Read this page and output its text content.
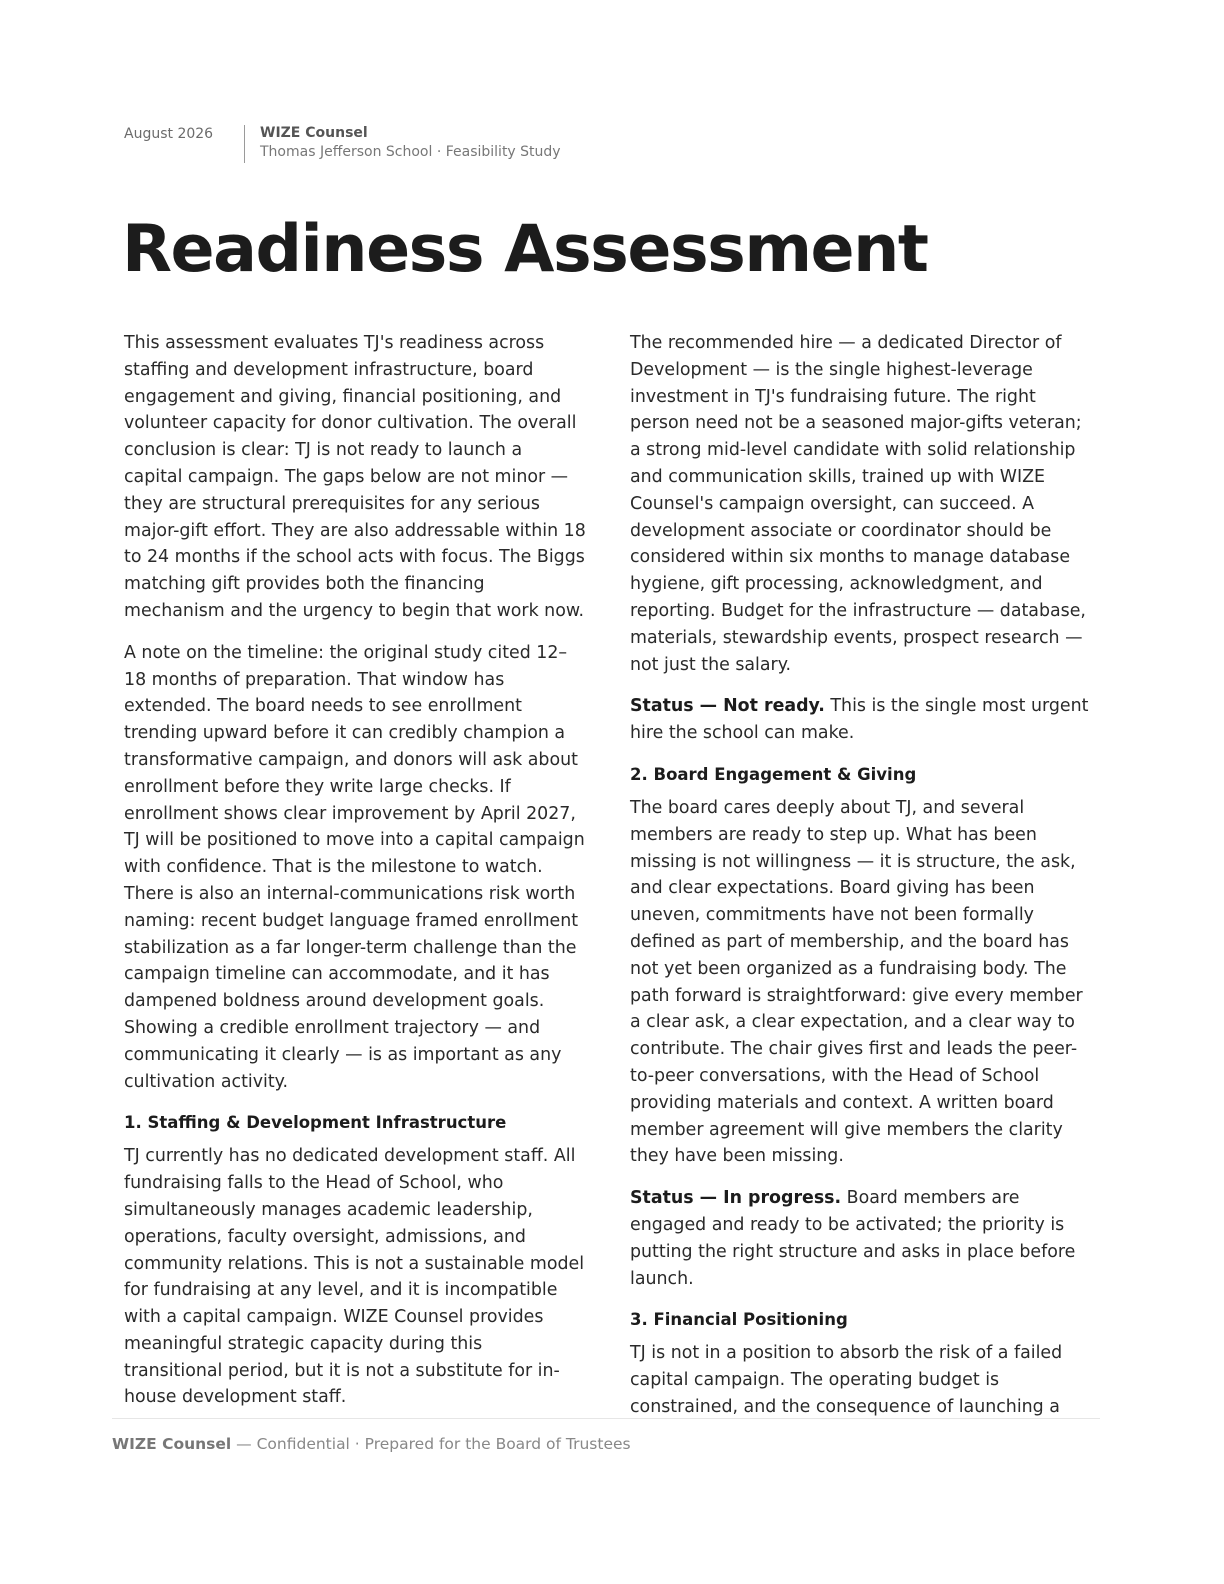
August 2026	WIZE Counsel
Thomas Jefferson School · Feasibility Study
Readiness Assessment

This assessment evaluates TJ's readiness across staffing and development infrastructure, board engagement and giving, financial positioning, and volunteer capacity for donor cultivation. The overall conclusion is clear: TJ is not ready to launch a capital campaign. The gaps below are not minor — they are structural prerequisites for any serious major-gift effort. They are also addressable within 18 to 24 months if the school acts with focus. The Biggs matching gift provides both the financing mechanism and the urgency to begin that work now.

A note on the timeline: the original study cited 12–18 months of preparation. That window has extended. The board needs to see enrollment trending upward before it can credibly champion a transformative campaign, and donors will ask about enrollment before they write large checks. If enrollment shows clear improvement by April 2027, TJ will be positioned to move into a capital campaign with confidence. That is the milestone to watch. There is also an internal-communications risk worth naming: recent budget language framed enrollment stabilization as a far longer-term challenge than the campaign timeline can accommodate, and it has dampened boldness around development goals. Showing a credible enrollment trajectory — and communicating it clearly — is as important as any cultivation activity.

1. Staffing & Development Infrastructure

TJ currently has no dedicated development staff. All fundraising falls to the Head of School, who simultaneously manages academic leadership, operations, faculty oversight, admissions, and community relations. This is not a sustainable model for fundraising at any level, and it is incompatible with a capital campaign. WIZE Counsel provides meaningful strategic capacity during this transitional period, but it is not a substitute for in-house development staff.

The recommended hire — a dedicated Director of Development — is the single highest-leverage investment in TJ's fundraising future. The right person need not be a seasoned major-gifts veteran; a strong mid-level candidate with solid relationship and communication skills, trained up with WIZE Counsel's campaign oversight, can succeed. A development associate or coordinator should be considered within six months to manage database hygiene, gift processing, acknowledgment, and reporting. Budget for the infrastructure — database, materials, stewardship events, prospect research — not just the salary.

Status — Not ready. This is the single most urgent hire the school can make.

2. Board Engagement & Giving

The board cares deeply about TJ, and several members are ready to step up. What has been missing is not willingness — it is structure, the ask, and clear expectations. Board giving has been uneven, commitments have not been formally defined as part of membership, and the board has not yet been organized as a fundraising body. The path forward is straightforward: give every member a clear ask, a clear expectation, and a clear way to contribute. The chair gives first and leads the peer-to-peer conversations, with the Head of School providing materials and context. A written board member agreement will give members the clarity they have been missing.

Status — In progress. Board members are engaged and ready to be activated; the priority is putting the right structure and asks in place before launch.

3. Financial Positioning

TJ is not in a position to absorb the risk of a failed capital campaign. The operating budget is constrained, and the consequence of launching a

WIZE Counsel — Confidential · Prepared for the Board of Trustees
